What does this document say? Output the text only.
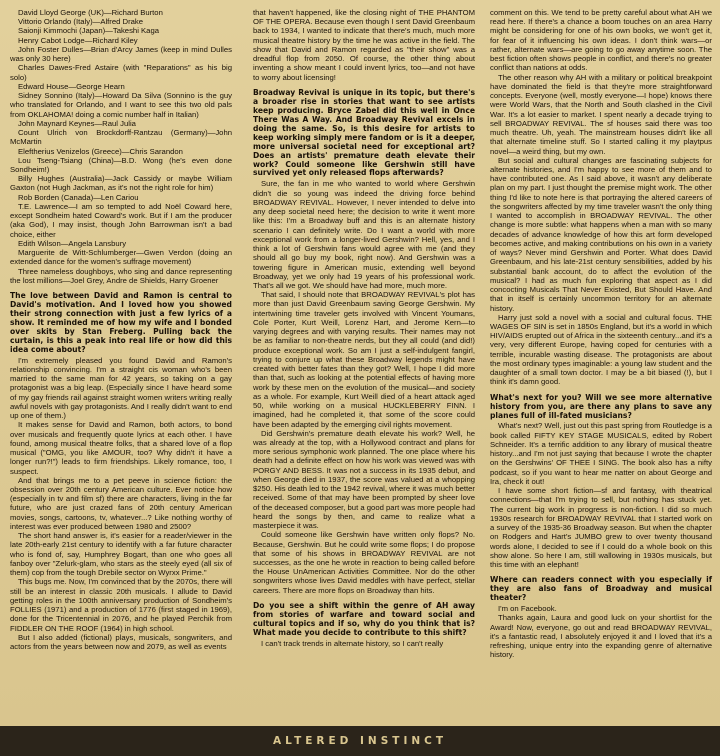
David Lloyd George (UK)—Richard Burton

Vittorio Orlando (Italy)—Alfred Drake

Saionji Kimmochi (Japan)—Takeshi Kaga

Henry Cabot Lodge—Richard Kiley

John Foster Dulles—Brian d'Arcy James (keep in mind Dulles was only 30 here)

Charles Dawes-Fred Astaire (with "Reparations" as his big solo)

Edward House—George Hearn

Sidney Sonnino (Italy)—Howard Da Silva (Sonnino is the guy who translated for Orlando, and I want to see this two old pals from OKLAHOMA! doing a comic number half in Italian)

John Maynard Keynes—Raul Julia

Count Ulrich von Brockdorff-Rantzau (Germany)—John McMartin

Eleftherius Venizelos (Greece)—Chris Sarandon

Lou Tseng-Tsiang (China)—B.D. Wong (he's even done Sondheim!)

Billy Hughes (Australia)—Jack Cassidy or maybe William Gaxton (not Hugh Jackman, as it's not the right role for him)

Rob Borden (Canada)—Len Cariou

T.E. Lawrence—I am so tempted to add Noël Coward here, except Sondheim hated Coward's work. But if I am the producer (aka God), I may insist, though John Barrowman isn't a bad choice, either

Edith Wilson—Angela Lansbury

Marguerite de Witt-Schlumberger—Gwen Verdon (doing an extended dance for the women's suffrage movement)

Three nameless doughboys, who sing and dance representing the lost millions—Joel Grey, Andre de Shields, Harry Groener

The love between David and Ramon is central to David's motivation. And I loved how you showed their strong connection with just a few lyrics of a show. It reminded me of how my wife and I bonded over skits by Stan Freberg. Pulling back the curtain, is this a peak into real life or how did this idea come about?

I'm extremely pleased you found David and Ramon's relationship convincing. I'm a straight cis woman who's been married to the same man for 42 years, so taking on a gay protagonist was a big leap. (Especially since I have heard some of my gay friends rail against straight women writers writing really awful novels with gay protagonists. And I really didn't want to end up one of them.)

It makes sense for David and Ramon, both actors, to bond over musicals and frequently quote lyrics at each other. I have found, among musical theatre folks, that a shared love of a flop musical ("OMG, you like AMOUR, too? Why didn't it have a longer run?!") leads to firm friendships. Likely romance, too, I suspect.

And that brings me to a pet peeve in science fiction: the obsession over 20th century American culture. Ever notice how (especially in tv and film sf) there are characters, living in the far future, who are just crazed fans of 20th century American movies, songs, cartoons, tv, whatever...? Like nothing worthy of interest was ever produced between 1980 and 2500?

The short hand answer is, it's easier for a reader/viewer in the late 20th-early 21st century to identify with a far future character who is fond of, say, Humphrey Bogart, than one who goes all fanboy over "Zelurk-glam, who stars as the steely eyed (all six of them) cop from the tough Drebile sector on Wyrxx Prime."

This bugs me. Now, I'm convinced that by the 2070s, there will still be an interest in classic 20th musicals. I allude to David getting roles in the 100th anniversary production of Sondheim's FOLLIES (1971) and a production of 1776 (first staged in 1969), done for the Tricentennial in 2076, and he played Perchik from FIDDLER ON THE ROOF (1964) in high school.

But I also added (fictional) plays, musicals, songwriters, and actors from the years between now and 2079, as well as events

that haven't happened, like the closing night of THE PHANTOM OF THE OPERA. Because even though I sent David Greenbaum back to 1934, I wanted to indicate that there's much, much more musical theatre history by the time he was active in the field. The show that David and Ramon regarded as "their show" was a dreadful flop from 2050. Of course, the other thing about inventing a show meant I could invent lyrics, too—and not have to worry about licensing!

Broadway Revival is unique in its topic, but there's a broader rise in stories that want to see artists keep producing. Bryce Zabel did this well in Once There Was A Way. And Broadway Revival excels in doing the same. So, is this desire for artists to keep working simply mere fandom or is it a deeper, more universal societal need for exceptional art? Does an artists' premature death elevate their work? Could someone like Gershwin still have survived yet only released flops afterwards?

Sure, the fan in me who wanted to world where Gershwin didn't die so young was indeed the driving force behind BROADWAY REVIVAL. However, I never intended to delve into any deep societal need here; the decision to write it went more like this: I'm a Broadway buff and this is an alternate history scenario I can definitely write. Do I want a world with more exceptional work from a longer-lived Gershwin? Hell, yes, and I think a lot of Gershwin fans would agree with me (and they should all go buy my book, right now). And Gershwin was a towering figure in American music, extending well beyond Broadway, yet we only had 19 years of his professional work. That's all we got. We should have had more, much more.

That said, I should note that BROADWAY REVIVAL's plot has more than just David Greenbaum saving George Gershwin. My intertwining time traveler gets involved with Vincent Youmans, Cole Porter, Kurt Weill, Lorenz Hart, and Jerome Kern—to varying degrees and with varying results. Their names may not be as familiar to non-theatre nerds, but they all could (and did!) produce exceptional work. So am I just a self-indulgent fangirl, trying to conjure up what these Broadway legends might have created with better fates than they got? Well, I hope I did more than that, such as looking at the potential effects of having more work by these men on the evolution of the musical—and society as a whole. For example, Kurt Weill died of a heart attack aged 50, while working on a musical HUCKLEBERRY FINN. I imagined, had he completed it, that some of the score could have been adapted by the emerging civil rights movement.

Did Gershwin's premature death elevate his work? Well, he was already at the top, with a Hollywood contract and plans for more serious symphonic work planned. The one place where his death had a definite effect on how his work was viewed was with PORGY AND BESS. It was not a success in its 1935 debut, and when George died in 1937, the score was valued at a whopping $250. His death led to the 1942 revival, where it was much better received. Some of that may have been prompted by sheer love of the deceased composer, but a good part was more people had heard the songs by then, and came to realize what a masterpiece it was.

Could someone like Gershwin have written only flops? No. Because, Gershwin. But he could write some flops; I do propose that some of his shows in BROADWAY REVIVAL are not successes, as the one he wrote in reaction to being called before the House UnAmerican Activities Committee. Nor do the other songwriters whose lives David meddles with have perfect, stellar careers. There are more flops on Broadway than hits.

Do you see a shift within the genre of AH away from stories of warfare and toward social and cultural topics and if so, why do you think that is? What made you decide to contribute to this shift?

I can't track trends in alternate history, so I can't really

comment on this. We tend to be pretty careful about what AH we read here. If there's a chance a boom touches on an area Harry might be considering for one of his own books, we won't get it, for fear of it influencing his own ideas. I don't think wars—or rather, alternate wars—are going to go away anytime soon. The best fiction often shows people in conflict, and there's no greater conflict than nations at odds.

The other reason why AH with a military or political breakpoint have dominated the field is that they're more straightforward concepts. Everyone (well, mostly everyone—I hope) knows there were World Wars, that the North and South clashed in the Civil War. It's a lot easier to market. I spent nearly a decade trying to sell BROADWAY REVIVAL. The sf houses said there was too much theatre. Uh, yeah. The mainstream houses didn't like all that alternate timeline stuff. So I started calling it my playtpus novel—a weird thing, but my own.

But social and cultural changes are fascinating subjects for alternate histories, and I'm happy to see more of them and to have contributed one. As I said above, it wasn't any deliberate plan on my part. I just thought the premise might work. The other thing I'd like to note here is that portraying the altered careers of the songwriters affected by my time traveler wasn't the only thing I wanted to accomplish in BROADWAY REVIVAL. The other change is more subtle: what happens when a man with so many decades of advance knowledge of how this art form developed becomes active, and making contributions on his own in a variety of ways? Never mind Gershwin and Porter. What does David Greenbaum, and his late-21st century sensibilities, added by his substantial bank account, do to affect the evolution of the musical? I had as much fun exploring that aspect as I did concocting Musicals That Never Existed, But Should Have. And that in itself is certainly uncommon territory for an alternate history.

Harry just sold a novel with a social and cultural focus. THE WAGES OF SIN is set in 1850s England, but it's a world in which HIV/AIDS erupted out of Africa in the sixteenth century...and it's a very, very different Europe, having coped for centuries with a terrible, incurable wasting disease. The protagonists are about the most ordinary types imaginable: a young law student and the daughter of a small town doctor. I may be a bit biased (!), but I think it's damn good.

What's next for you? Will we see more alternative history from you, are there any plans to save any planes full of ill-fated musicians?

What's next? Well, just out this past spring from Routledge is a book called FIFTY KEY STAGE MUSICALS, edited by Robert Schneider. It's a terrific addition to any library of musical theatre history...and I'm not just saying that because I wrote the chapter on the Gershwins' OF THEE I SING. The book also has a nifty podcast, so if you want to hear me natter on about George and Ira, check it out!

I have some short fiction—sf and fantasy, with theatrical connections—that I'm trying to sell, but nothing has stuck yet. The current big work in progress is non-fiction. I did so much 1930s research for BROADWAY REVIVAL that I started work on a survey of the 1935-36 Broadway season. But when the chapter on Rodgers and Hart's JUMBO grew to over twenty thousand words alone, I decided to see if I could do a whole book on this show alone. So here I am, still wallowing in 1930s musicals, but this time with an elephant!

Where can readers connect with you especially if they are also fans of Broadway and musical theater?

I'm on Facebook.

Thanks again, Laura and good luck on your shortlist for the Award! Now, everyone, go out and read BROADWAY REVIVAL, it's a fantastic read, I absolutely enjoyed it and I loved that it's a refreshing, unique entry into the expanding genre of alternative history.

ALTERED INSTINCT
